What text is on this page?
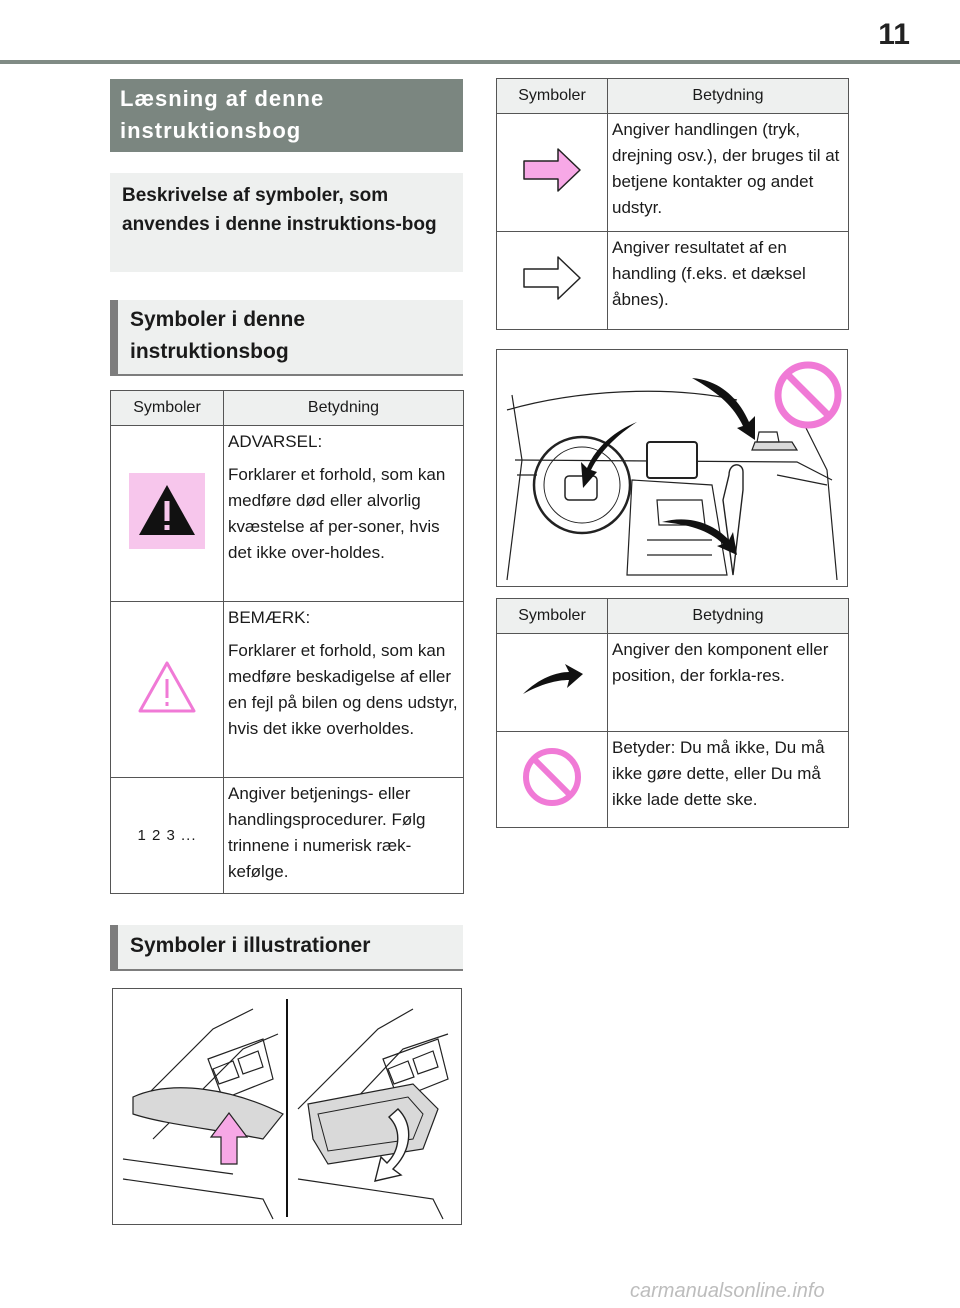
11
Læsning af denne instruktionsbog
Beskrivelse af symboler, som anvendes i denne instruktions-bog
Symboler i denne instruktionsbog
Symboler	Betydning

ADVARSEL:

Forklarer et forhold, som kan medføre død eller alvorlig kvæstelse af per-soner, hvis det ikke over-holdes.

BEMÆRK:

Forklarer et forhold, som kan medføre beskadigelse af eller en fejl på bilen og dens udstyr, hvis det ikke overholdes.

1 2 3 ...	Angiver betjenings- eller handlingsprocedurer. Følg trinnene i numerisk ræk-kefølge.

Symboler i illustrationer
Symboler	Betydning

Angiver handlingen (tryk, drejning osv.), der bruges til at betjene kontakter og andet udstyr.

Angiver resultatet af en handling (f.eks. et dæksel åbnes).

Symboler	Betydning

Angiver den komponent eller position, der forkla-res.

Betyder: Du må ikke, Du må ikke gøre dette, eller Du må ikke lade dette ske.

carmanualsonline.info
